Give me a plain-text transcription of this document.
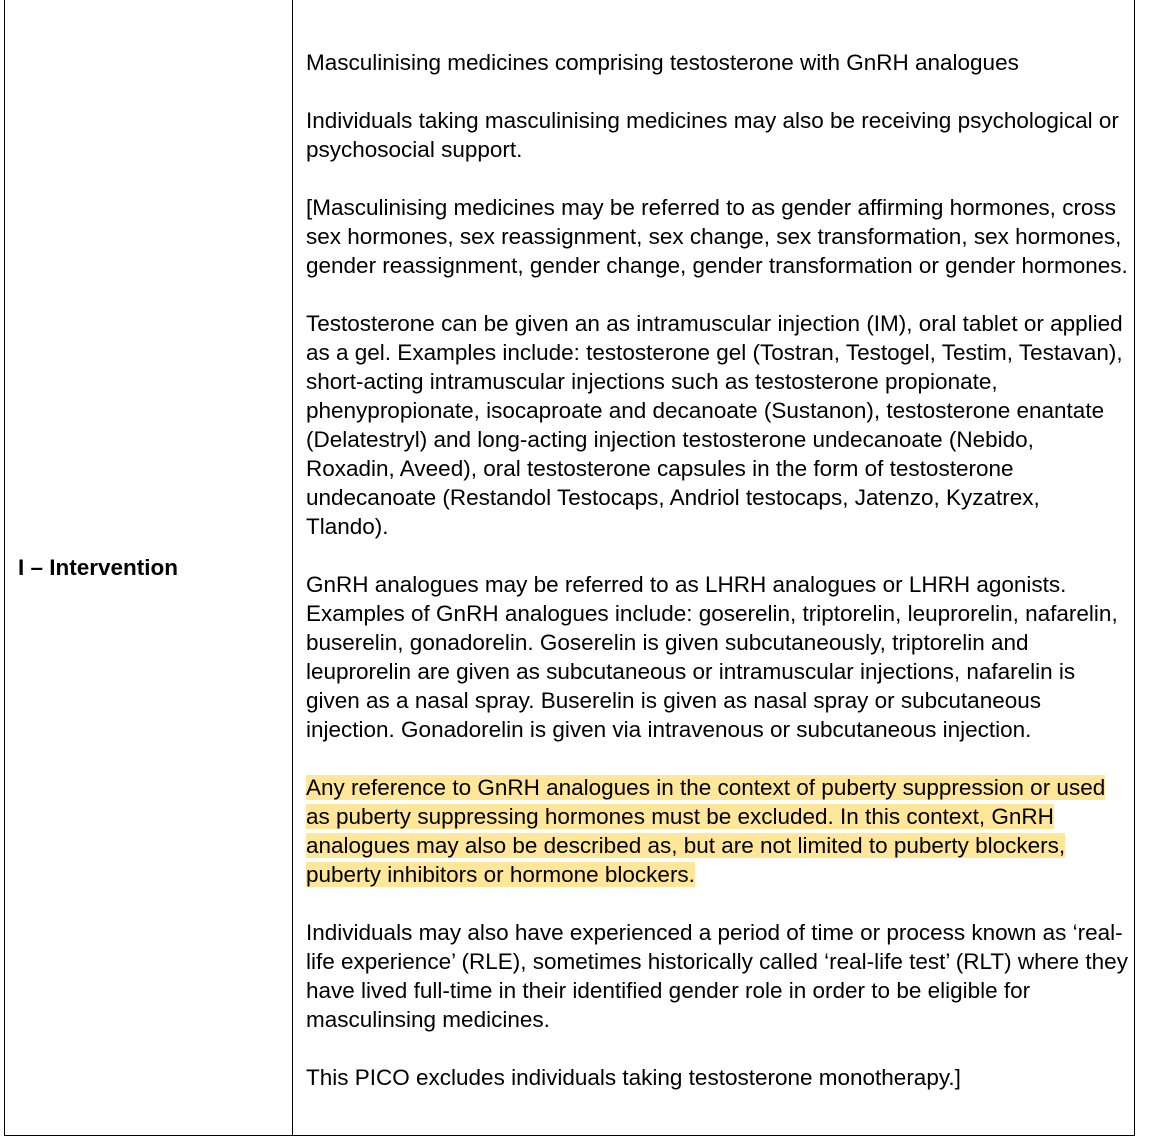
I – Intervention

Masculinising medicines comprising testosterone with GnRH analogues

Individuals taking masculinising medicines may also be receiving psychological or psychosocial support.

[Masculinising medicines may be referred to as gender affirming hormones, cross sex hormones, sex reassignment, sex change, sex transformation, sex hormones, gender reassignment, gender change, gender transformation or gender hormones.

Testosterone can be given an as intramuscular injection (IM), oral tablet or applied as a gel. Examples include: testosterone gel (Tostran, Testogel, Testim, Testavan), short-acting intramuscular injections such as testosterone propionate, phenypropionate, isocaproate and decanoate (Sustanon), testosterone enantate (Delatestryl) and long-acting injection testosterone undecanoate (Nebido, Roxadin, Aveed), oral testosterone capsules in the form of testosterone undecanoate (Restandol Testocaps, Andriol testocaps, Jatenzo, Kyzatrex, Tlando).

GnRH analogues may be referred to as LHRH analogues or LHRH agonists. Examples of GnRH analogues include: goserelin, triptorelin, leuprorelin, nafarelin, buserelin, gonadorelin. Goserelin is given subcutaneously, triptorelin and leuprorelin are given as subcutaneous or intramuscular injections, nafarelin is given as a nasal spray. Buserelin is given as nasal spray or subcutaneous injection. Gonadorelin is given via intravenous or subcutaneous injection.

Any reference to GnRH analogues in the context of puberty suppression or used as puberty suppressing hormones must be excluded. In this context, GnRH analogues may also be described as, but are not limited to puberty blockers, puberty inhibitors or hormone blockers.

Individuals may also have experienced a period of time or process known as ‘real-life experience’ (RLE), sometimes historically called ‘real-life test’ (RLT) where they have lived full-time in their identified gender role in order to be eligible for masculinsing medicines.

This PICO excludes individuals taking testosterone monotherapy.]
